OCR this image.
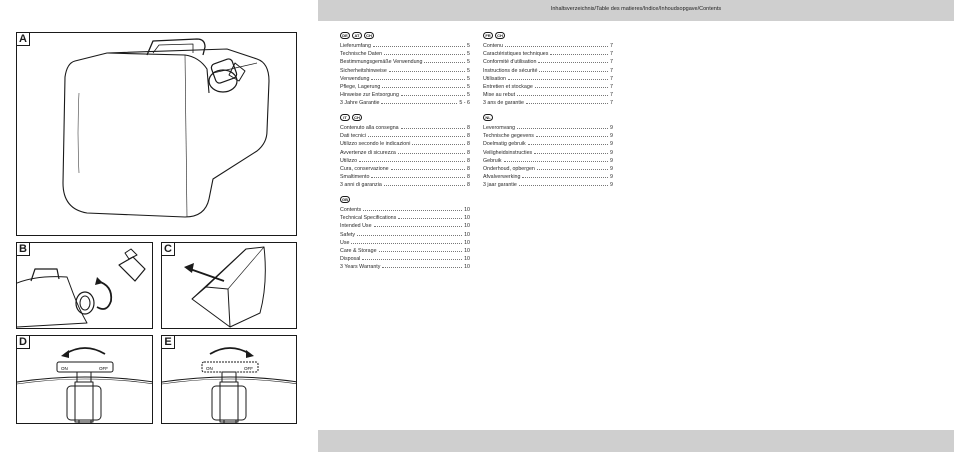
A
B	C
ON	OFF
D
ON	OFF
E
Inhaltsverzeichnis/Table des matieres/Indice/Inhoudsopgave/Contents
DE	AT	CH
Lieferumfang	5
Technische Daten	5
Bestimmungsgemäße Verwendung	5
Sicherheitshinweise	5
Verwendung	5
Pflege, Lagerung	5
Hinweise zur Entsorgung	5
3 Jahre Garantie	5 - 6
FR	CH
Contenu	7
Caractéristiques techniques	7
Conformité d'utilisation	7
Instructions de sécurité	7
Utilisation	7
Entretien et stockage	7
Mise au rebut	7
3 ans de garantie	7
IT	CH
Contenuto alla consegna	8
Dati tecnici	8
Utilizzo secondo le indicazioni	8
Avvertenze di sicurezza	8
Utilizzo	8
Cura, conservazione	8
Smaltimento	8
3 anni di garanzia	8
NL
Leveromvang	9
Technische gegevens	9
Doelmatig gebruik	9
Veiligheidsinstructies	9
Gebruik	9
Onderhoud, opbergen	9
Afvalverwerking	9
3 jaar garantie	9
GB
Contents	10
Technical Specifications	10
Intended Use	10
Safety	10
Use	10
Care & Storage	10
Disposal	10
3 Years Warranty	10
